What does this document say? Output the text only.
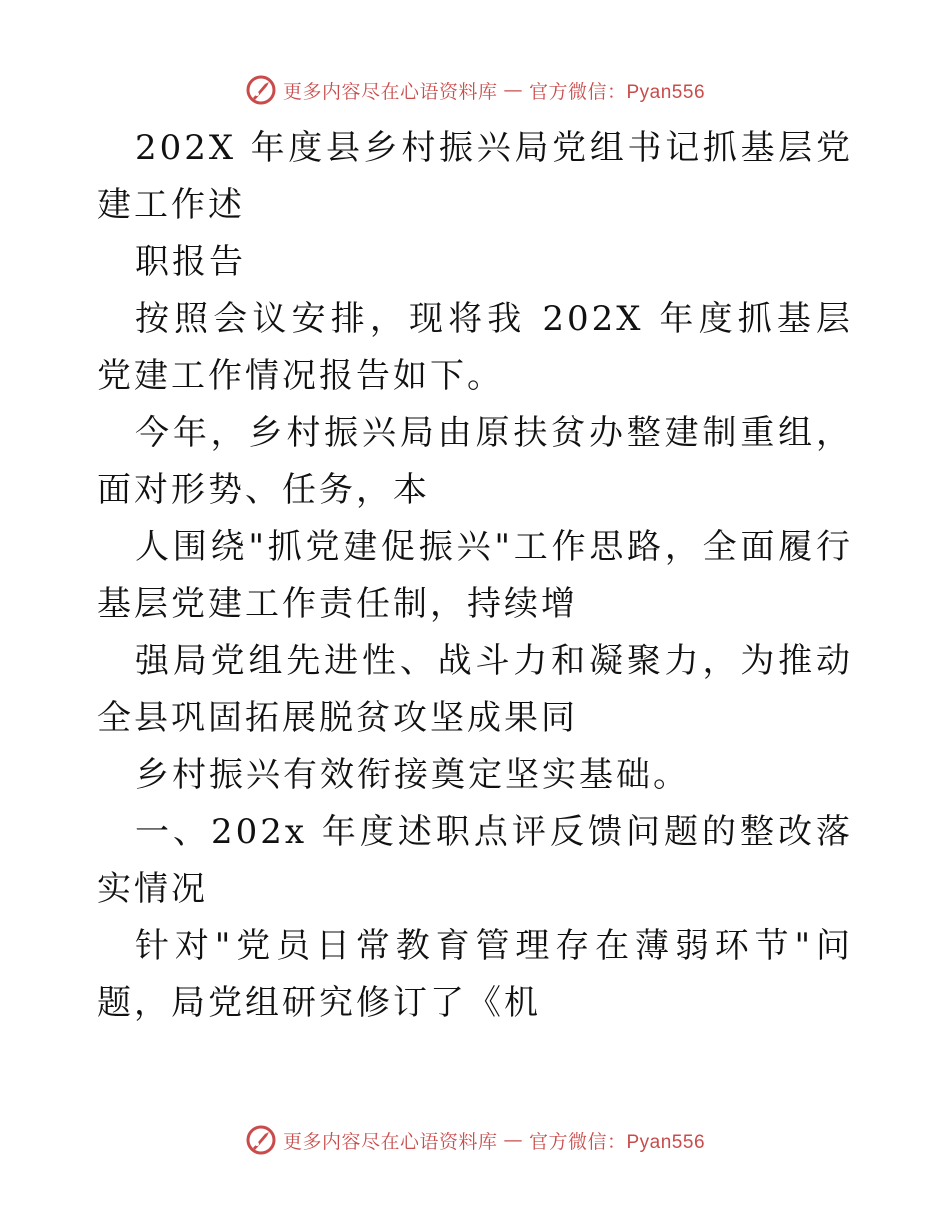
更多内容尽在心语资料库 — 官方微信：Pyan556

202X 年度县乡村振兴局党组书记抓基层党建工作述

职报告

按照会议安排，现将我 202X 年度抓基层党建工作情况报告如下。

今年，乡村振兴局由原扶贫办整建制重组，面对形势、任务，本

人围绕"抓党建促振兴"工作思路，全面履行基层党建工作责任制，持续增

强局党组先进性、战斗力和凝聚力，为推动全县巩固拓展脱贫攻坚成果同

乡村振兴有效衔接奠定坚实基础。

一、202x 年度述职点评反馈问题的整改落实情况

针对"党员日常教育管理存在薄弱环节"问题，局党组研究修订了《机

更多内容尽在心语资料库 — 官方微信：Pyan556
